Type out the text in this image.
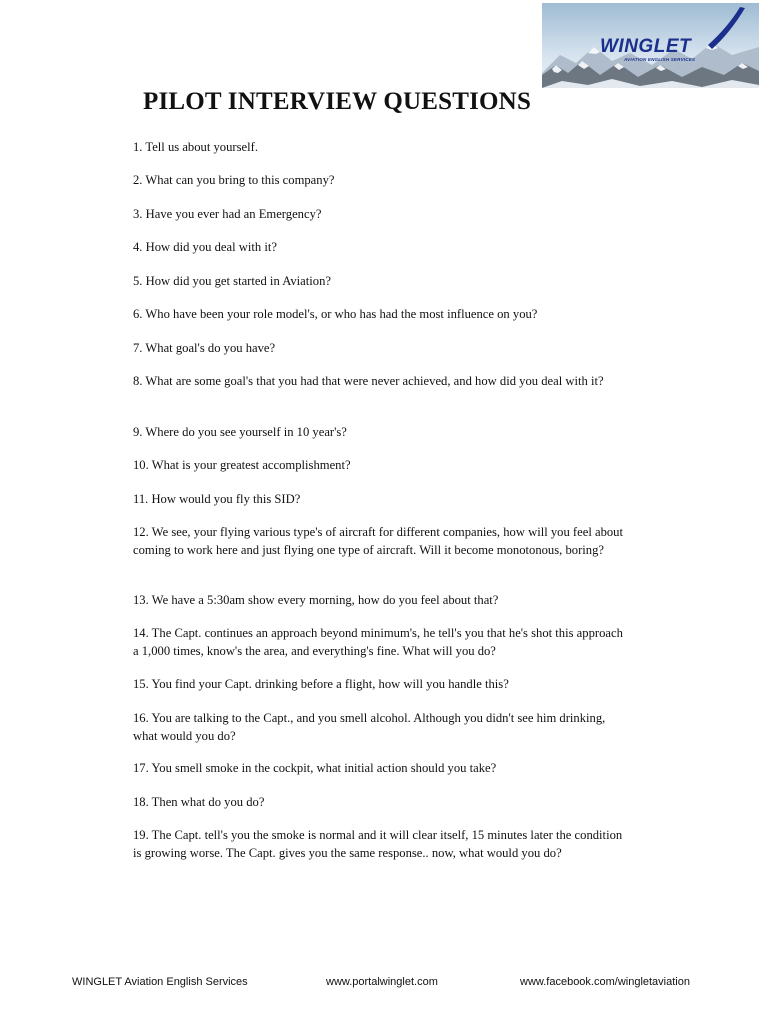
WINGLET
AVIATION ENGLISH SERVICES
PILOT INTERVIEW QUESTIONS

1. Tell us about yourself.

2. What can you bring to this company?

3. Have you ever had an Emergency?

4. How did you deal with it?

5. How did you get started in Aviation?

6. Who have been your role model's, or who has had the most influence on you?

7. What goal's do you have?

8. What are some goal's that you had that were never achieved, and how did you deal with it?

9. Where do you see yourself in 10 year's?

10. What is your greatest accomplishment?

11. How would you fly this SID?

12. We see, your flying various type's of aircraft for different companies, how will you feel about coming to work here and just flying one type of aircraft. Will it become monotonous, boring?

13. We have a 5:30am show every morning, how do you feel about that?

14. The Capt. continues an approach beyond minimum's, he tell's you that he's shot this approach a 1,000 times, know's the area, and everything's fine. What will you do?

15. You find your Capt. drinking before a flight, how will you handle this?

16. You are talking to the Capt., and you smell alcohol. Although you didn't see him drinking, what would you do?

17. You smell smoke in the cockpit, what initial action should you take?

18. Then what do you do?

19. The Capt. tell's you the smoke is normal and it will clear itself, 15 minutes later the condition is growing worse. The Capt. gives you the same response.. now, what would you do?

WINGLET Aviation English Services	www.portalwinglet.com	www.facebook.com/wingletaviation
